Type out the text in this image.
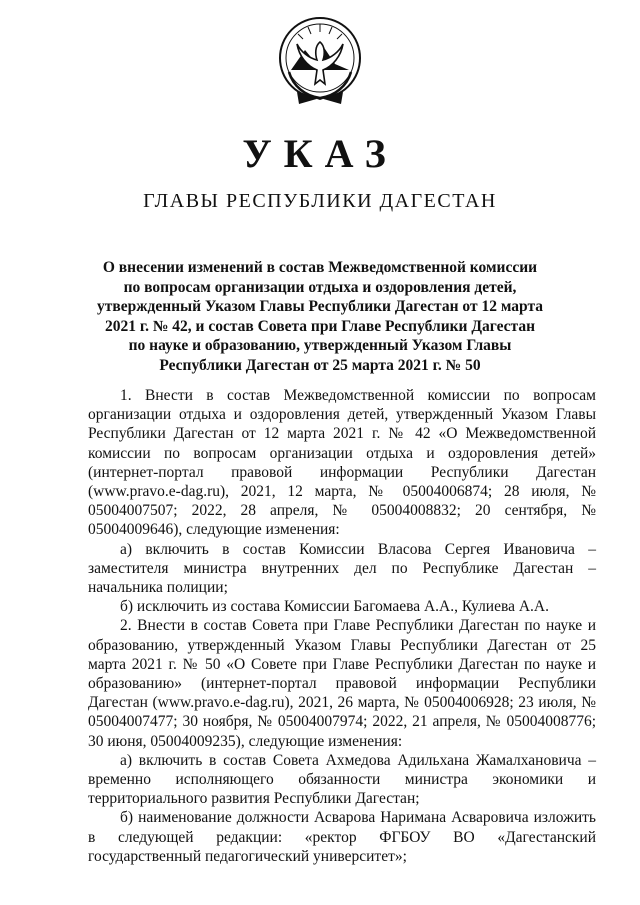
УКАЗ
ГЛАВЫ РЕСПУБЛИКИ ДАГЕСТАН
О внесении изменений в состав Межведомственной комиссии по вопросам организации отдыха и оздоровления детей, утвержденный Указом Главы Республики Дагестан от 12 марта 2021 г. № 42, и состав Совета при Главе Республики Дагестан по науке и образованию, утвержденный Указом Главы Республики Дагестан от 25 марта 2021 г. № 50

1. Внести в состав Межведомственной комиссии по вопросам организации отдыха и оздоровления детей, утвержденный Указом Главы Республики Дагестан от 12 марта 2021 г. № 42 «О Межведомственной комиссии по вопросам организации отдыха и оздоровления детей» (интернет-портал правовой информации Республики Дагестан (www.pravo.e-dag.ru), 2021, 12 марта, № 05004006874; 28 июля, № 05004007507; 2022, 28 апреля, № 05004008832; 20 сентября, № 05004009646), следующие изменения:

а) включить в состав Комиссии Власова Сергея Ивановича – заместителя министра внутренних дел по Республике Дагестан – начальника полиции;

б) исключить из состава Комиссии Багомаева А.А., Кулиева А.А.

2. Внести в состав Совета при Главе Республики Дагестан по науке и образованию, утвержденный Указом Главы Республики Дагестан от 25 марта 2021 г. № 50 «О Совете при Главе Республики Дагестан по науке и образованию» (интернет-портал правовой информации Республики Дагестан (www.pravo.e-dag.ru), 2021, 26 марта, № 05004006928; 23 июля, № 05004007477; 30 ноября, № 05004007974; 2022, 21 апреля, № 05004008776; 30 июня, 05004009235), следующие изменения:

а) включить в состав Совета Ахмедова Адильхана Жамалхановича – временно исполняющего обязанности министра экономики и территориального развития Республики Дагестан;

б) наименование должности Асварова Наримана Асваровича изложить в следующей редакции: «ректор ФГБОУ ВО «Дагестанский государственный педагогический университет»;
